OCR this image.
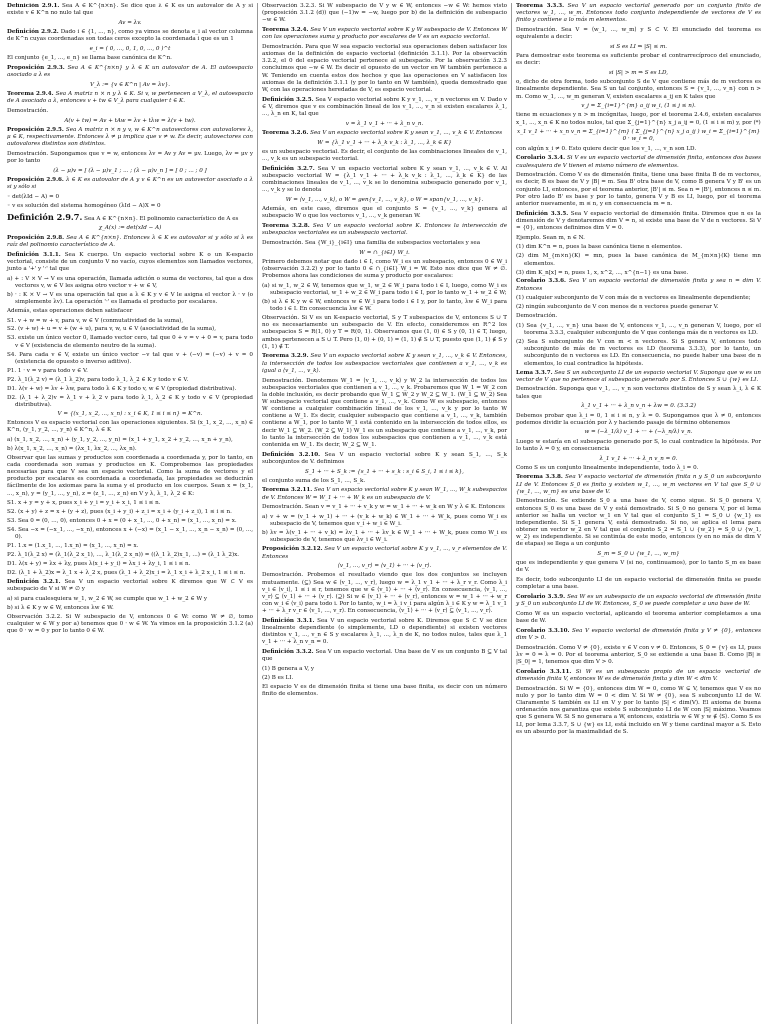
Definición 2.9.1. Sea A ∈ K^{n×n}. Se dice que λ ∈ K es un autovalor de A y si existe v ∈ K^n no nulo tal que
Av = λv.
Definición 2.9.2. Dado i ∈ {1, ..., n}, como ya vimos se denota e_i al vector columna de K^n cuyas coordenadas son todas ceros excepto la coordenada i que es un 1
e_i = ( 0, ..., 0, 1, 0, ..., 0 )^t
El conjunto {e_1, ..., e_n} se llama base canónica de K^n.
Proposición 2.9.3. Sea A ∈ K^{n×n} y λ ∈ K un autovalor de A. El autoespacio asociado a λ es
V_λ := {v ∈ K^n | Av = λv}.
Teorema 2.9.4. Sea A matriz n × n y λ ∈ K. Si v, w pertenecen a V_λ, el autoespacio de A asociado a λ, entonces v + tw ∈ V_λ para cualquier t ∈ K.
Demostración.
A(v + tw) = Av + tAw = λv + tλw = λ(v + tw).
Proposición 2.9.5. Sea A matriz n × n y v, w ∈ K^n autovectores con autovalores λ, μ ∈ K, respectivamente. Entonces λ ≠ μ implica que v ≠ w. Es decir, autovectores con autovalores distintos son distintos.
Demostración. Supongamos que v = w, entonces λv = Av y Av = μv. Luego, λv = μv y por lo tanto
(λ − μ)v = [ (λ − μ)v_1 ; ... ; (λ − μ)v_n ] = [ 0 ; ... ; 0 ]
Proposición 2.9.6. λ ∈ K es autovalor de A y v ∈ K^n es un autovector asociado a λ si y sólo si
◦ det(λId − A) = 0
◦ v es solución del sistema homogéneo (λId − A)X = 0
Definición 2.9.7. Sea A ∈ K^{n×n}. El polinomio característico de A es
χ_A(x) := det(xId − A)
Proposición 2.9.8. Sea A ∈ K^{n×n}. Entonces λ ∈ K es autovalor si y sólo si λ es raíz del polinomio característico de A.
Definición 3.1.1. Sea K cuerpo. Un espacio vectorial sobre K o un K-espacio vectorial, consiste de un conjunto V no vacío, cuyos elementos son llamados vectores, junto a '+' y '·' tal que
a) + : V × V → V es una operación, llamada adición o suma de vectores, tal que a dos vectores v, w ∈ V les asigna otro vector v + w ∈ V,
b) · : K × V → V es una operación tal que a λ ∈ K y v ∈ V le asigna el vector λ · v (o simplemente λv). La operación '·' es llamada el producto por escalares.
Además, estas operaciones deben satisfacer
S1. v + w = w + v, para v, w ∈ V (conmutatividad de la suma),
S2. (v + w) + u = v + (w + u), para v, w, u ∈ V (asociatividad de la suma),
S3. existe un único vector 0, llamado vector cero, tal que 0 + v = v + 0 = v, para todo v ∈ V (existencia de elemento neutro de la suma).
S4. Para cada v ∈ V, existe un único vector −v tal que v + (−v) = (−v) + v = 0 (existencia de opuesto o inverso aditivo).
P1. 1 · v = v para todo v ∈ V.
P2. λ_1(λ_2 v) = (λ_1 λ_2)v, para todo λ_1, λ_2 ∈ K y todo v ∈ V.
D1. λ(v + w) = λv + λw, para todo λ ∈ K y todo v, w ∈ V (propiedad distributiva).
D2. (λ_1 + λ_2)v = λ_1 v + λ_2 v para todo λ_1, λ_2 ∈ K y todo v ∈ V (propiedad distributiva).
V = {(x_1, x_2, ..., x_n) : x_i ∈ K, 1 ≤ i ≤ n} = K^n.
Entonces V es espacio vectorial con las operaciones siguientes. Si (x_1, x_2, ..., x_n) ∈ K^n, (y_1, y_2, ..., y_n) ∈ K^n, λ ∈ K
a) (x_1, x_2, ..., x_n) + (y_1, y_2, ..., y_n) = (x_1 + y_1, x_2 + y_2, ..., x_n + y_n),
b) λ(x_1, x_2, ..., x_n) = (λx_1, λx_2, ..., λx_n).
Observar que las sumas y productos son coordenada a coordenada y, por lo tanto, en cada coordenada son sumas y productos en K. Comprobemos las propiedades necesarias para que V sea un espacio vectorial. Como la suma de vectores y el producto por escalares es coordenada a coordenada, las propiedades se deducirán fácilmente de los axiomas para la suma y el producto en los cuerpos. Sean x = (x_1, ..., x_n), y = (y_1, ..., y_n), z = (z_1, ..., z_n) en V y λ, λ_1, λ_2 ∈ K:
S1. x + y = y + x, pues x_i + y_i = y_i + x_i, 1 ≤ i ≤ n.
S2. (x + y) + z = x + (y + z), pues (x_i + y_i) + z_i = x_i + (y_i + z_i), 1 ≤ i ≤ n.
S3. Sea 0 = (0, ..., 0), entonces 0 + x = (0 + x_1, ..., 0 + x_n) = (x_1, ..., x_n) = x.
S4. Sea −x = (−x_1, ..., −x_n), entonces x + (−x) = (x_1 − x_1, ..., x_n − x_n) = (0, ..., 0).
P1. 1.x = (1.x_1, ..., 1.x_n) = (x_1, ..., x_n) = x.
P2. λ_1(λ_2 x) = (λ_1(λ_2 x_1), ..., λ_1(λ_2 x_n)) = ((λ_1 λ_2)x_1, ...) = (λ_1 λ_2)x.
D1. λ(x + y) = λx + λy, pues λ(x_i + y_i) = λx_i + λy_i, 1 ≤ i ≤ n.
D2. (λ_1 + λ_2)x = λ_1 x + λ_2 x, pues (λ_1 + λ_2)x_i = λ_1 x_i + λ_2 x_i, 1 ≤ i ≤ n.
Definición 3.2.1. Sea V un espacio vectorial sobre K diremos que W ⊂ V es subespacio de V si W ≠ ∅ y
a) si para cualesquiera w_1, w_2 ∈ W, se cumple que w_1 + w_2 ∈ W y
b) si λ ∈ K y w ∈ W, entonces λw ∈ W.
Observación 3.2.2. Si W subespacio de V, entonces 0 ∈ W: como W ≠ ∅, tomo cualquier w ∈ W y por a) tenemos que 0 · w ∈ W. Ya vimos en la proposición 3.1.2 (a) que 0 · w = 0 y por lo tanto 0 ∈ W.
Observación 3.2.3. Si W subespacio de V y w ∈ W, entonces −w ∈ W: hemos visto (proposición 3.1.2 (d)) que (−1)w = −w, luego por b) de la definición de subespacio −w ∈ W.
Teorema 3.2.4. Sea V un espacio vectorial sobre K y W subespacio de V. Entonces W con las operaciones suma y producto por escalares de V es un espacio vectorial.
Demostración. Para que W sea espacio vectorial sus operaciones deben satisfacer los axiomas de la definición de espacio vectorial (definición 3.1.1). Por la observación 3.2.2, el 0 del espacio vectorial pertenece al subespacio. Por la observación 3.2.3 concluimos que −w ∈ W. Es decir el opuesto de un vector en W también pertenece a W. Teniendo en cuenta estos dos hechos y que las operaciones en V satisfacen los axiomas de la definición 3.1.1 (y por lo tanto en W también), queda demostrado que W, con las operaciones heredadas de V, es espacio vectorial.
Definición 3.2.5. Sea V espacio vectorial sobre K y v_1, ..., v_n vectores en V. Dado v ∈ V, diremos que v es combinación lineal de los v_1, ..., v_n si existen escalares λ_1, ..., λ_n en K, tal que
v = λ_1 v_1 + ··· + λ_n v_n.
Teorema 3.2.6. Sea V un espacio vectorial sobre K y sean v_1, ..., v_k ∈ V. Entonces
W = {λ_1 v_1 + ··· + λ_k v_k : λ_1, ..., λ_k ∈ K}
es un subespacio vectorial. Es decir, el conjunto de las combinaciones lineales de v_1, ..., v_k es un subespacio vectorial.
Definición 3.2.7. Sea V un espacio vectorial sobre K y sean v_1, ..., v_k ∈ V. Al subespacio vectorial W = {λ_1 v_1 + ··· + λ_k v_k : λ_1, ..., λ_k ∈ K} de las combinaciones lineales de v_1, ..., v_k se lo denomina subespacio generado por v_1, ..., v_k y se lo denota
W = ⟨v_1, ..., v_k⟩, o W = gen{v_1, ..., v_k}, o W = span{v_1, ..., v_k}.
Además, en este caso, diremos que el conjunto S = {v_1, ..., v_k} genera al subespacio W o que los vectores v_1, ..., v_k generan W.
Teorema 3.2.8. Sea V un espacio vectorial sobre K. Entonces la intersección de subespacios vectoriales es un subespacio vectorial.
Demostración. Sea {W_i}_{i∈I} una familia de subespacios vectoriales y sea
W = ∩_{i∈I} W_i.
Primero debemos notar que dado i ∈ I, como W_i es un subespacio, entonces 0 ∈ W_i (observación 3.2.2) y por lo tanto 0 ∈ ∩_{i∈I} W_i = W. Esto nos dice que W ≠ ∅. Probemos ahora las condiciones de suma y producto por escalares:
(a) si w_1, w_2 ∈ W, tenemos que w_1, w_2 ∈ W_i para todo i ∈ I, luego, como W_i es subespacio vectorial, w_1 + w_2 ∈ W_i para todo i ∈ I, por lo tanto w_1 + w_2 ∈ W;
(b) si λ ∈ K y w ∈ W, entonces w ∈ W_i para todo i ∈ I y, por lo tanto, λw ∈ W_i para todo i ∈ I. En consecuencia λw ∈ W.
Observación. Si V es un K-espacio vectorial, S y T subespacios de V, entonces S ∪ T no es necesariamente un subespacio de V. En efecto, consideremos en R^2 los subespacios S = R(1, 0) y T = R(0, 1). Observamos que (1, 0) ∈ S y (0, 1) ∈ T, luego, ambos pertenecen a S ∪ T. Pero (1, 0) + (0, 1) = (1, 1) ∉ S ∪ T, puesto que (1, 1) ∉ S y (1, 1) ∉ T.
Teorema 3.2.9. Sea V un espacio vectorial sobre K y sean v_1, ..., v_k ∈ V. Entonces, la intersección de todos los subespacios vectoriales que contienen a v_1, ..., v_k es igual a ⟨v_1, ..., v_k⟩.
Demostración. Denotemos W_1 = ⟨v_1, ..., v_k⟩ y W_2 la intersección de todos los subespacios vectoriales que contienen a v_1, ..., v_k. Probaremos que W_1 = W_2 con la doble inclusión, es decir probando que W_1 ⊆ W_2 y W_2 ⊆ W_1. (W_1 ⊆ W_2) Sea W subespacio vectorial que contiene a v_1, ..., v_k. Como W es subespacio, entonces W contiene a cualquier combinación lineal de los v_1, ..., v_k y por lo tanto W contiene a W_1. Es decir, cualquier subespacio que contiene a v_1, ..., v_k, también contiene a W_1, por lo tanto W_1 está contenido en la intersección de todos ellos, es decir W_1 ⊆ W_2. (W_2 ⊆ W_1) W_1 es un subespacio que contiene a v_1, ..., v_k, por lo tanto la intersección de todos los subespacios que contienen a v_1, ..., v_k está contenida en W_1. Es decir, W_2 ⊆ W_1.
Definición 3.2.10. Sea V un espacio vectorial sobre K y sean S_1, ..., S_k subconjuntos de V. definimos
S_1 + ··· + S_k := {s_1 + ··· + s_k : s_i ∈ S_i, 1 ≤ i ≤ k},
el conjunto suma de los S_1, ..., S_k.
Teorema 3.2.11. Sea V un espacio vectorial sobre K y sean W_1, ..., W_k subespacios de V. Entonces W = W_1 + ··· + W_k es un subespacio de V.
Demostración. Sean v = v_1 + ··· + v_k y w = w_1 + ··· + w_k en W y λ ∈ K. Entonces
a) v + w = (v_1 + w_1) + ··· + (v_k + w_k) ∈ W_1 + ··· + W_k, pues como W_i es subespacio de V, tenemos que v_i + w_i ∈ W_i.
b) λv = λ(v_1 + ··· + v_k) = λv_1 + ··· + λv_k ∈ W_1 + ··· + W_k, pues como W_i es subespacio de V, tenemos que λv_i ∈ W_i.
Proposición 3.2.12. Sea V un espacio vectorial sobre K y v_1, ..., v_r elementos de V. Entonces
⟨v_1, ..., v_r⟩ = ⟨v_1⟩ + ··· + ⟨v_r⟩.
Demostración. Probemos el resultado viendo que los dos conjuntos se incluyen mutuamente. (⊆) Sea w ∈ ⟨v_1, ..., v_r⟩, luego w = λ_1 v_1 + ··· + λ_r v_r. Como λ_i v_i ∈ ⟨v_i⟩, 1 ≤ i ≤ r, tenemos que w ∈ ⟨v_1⟩ + ··· + ⟨v_r⟩. En consecuencia, ⟨v_1, ..., v_r⟩ ⊆ ⟨v_1⟩ + ··· + ⟨v_r⟩. (⊇) Si w ∈ ⟨v_1⟩ + ··· + ⟨v_r⟩, entonces w = w_1 + ··· + w_r con w_i ∈ ⟨v_i⟩ para todo i. Por lo tanto, w_i = λ_i v_i para algún λ_i ∈ K y w = λ_1 v_1 + ··· + λ_r v_r ∈ ⟨v_1, ..., v_r⟩. En consecuencia, ⟨v_1⟩ + ··· + ⟨v_r⟩ ⊆ ⟨v_1, ..., v_r⟩.
Definición 3.3.1. Sea V un espacio vectorial sobre K. Diremos que S ⊂ V se dice linealmente dependiente (o simplemente, LD o dependiente) si existen vectores distintos v_1, ..., v_n ∈ S y escalares λ_1, ..., λ_n de K, no todos nulos, tales que λ_1 v_1 + ··· + λ_n v_n = 0.
Definición 3.3.2. Sea V un espacio vectorial. Una base de V es un conjunto B ⊆ V tal que
(1) B genera a V, y
(2) B es LI.
El espacio V es de dimensión finita si tiene una base finita, es decir con un número finito de elementos.
Teorema 3.3.3. Sea V un espacio vectorial generado por un conjunto finito de vectores w_1, ..., w_m. Entonces todo conjunto independiente de vectores de V es finito y contiene a lo más m elementos.
Demostración. Sea V = ⟨w_1, ..., w_m⟩ y S ⊂ V. El enunciado del teorema es equivalente a decir:
si S es LI ⇒ |S| ≤ m.
Para demostrar este teorema es suficiente probar el contrarrecíproco del enunciado, es decir:
si |S| > m ⇒ S es LD,
o, dicho de otra forma, todo subconjunto S de V que contiene más de m vectores es linealmente dependiente. Sea S un tal conjunto, entonces S = {v_1, ..., v_n} con n > m. Como w_1, ..., w_m generan V, existen escalares a_ij en K tales que
v_j = Σ_{i=1}^{m} a_ij w_i, (1 ≤ j ≤ n).
tiene m ecuaciones y n > m incógnitas, luego, por el teorema 2.4.6, existen escalares x_1, ..., x_n ∈ K no todos nulos, tal que Σ_{j=1}^{n} x_j a_ij = 0, (1 ≤ i ≤ m) y, por (*)
x_1 v_1 + ··· + x_n v_n = Σ_{i=1}^{m} ( Σ_{j=1}^{n} x_j a_ij ) w_i = Σ_{i=1}^{m} 0 · w_i = 0,
con algún x_i ≠ 0. Esto quiere decir que los v_1, ..., v_n son LD.
Corolario 3.3.4. Si V es un espacio vectorial de dimensión finita, entonces dos bases cualesquiera de V tienen el mismo número de elementos.
Demostración. Como V es de dimensión finita, tiene una base finita B de m vectores, es decir, B es base de V y |B| = m. Sea B' otra base de V, como B genera V y B' es un conjunto LI, entonces, por el teorema anterior, |B'| ≤ m. Sea n = |B'|, entonces n ≤ m. Por otro lado B' es base y por lo tanto, genera V y B es LI, luego, por el teorema anterior nuevamente, m ≤ n, y en consecuencia m = n.
Definición 3.3.5. Sea V espacio vectorial de dimensión finita. Diremos que n es la dimensión de V y denotaremos dim V = n, si existe una base de V de n vectores. Si V = {0}, entonces definimos dim V = 0.
Ejemplo. Sean m, n ∈ N.
(1) dim K^n = n, pues la base canónica tiene n elementos.
(2) dim M_{m×n}(K) = mn, pues la base canónica de M_{m×n}(K) tiene mn elementos.
(3) dim K_n[x] = n, pues 1, x, x^2, ..., x^{n−1} es una base.
Corolario 3.3.6. Sea V un espacio vectorial de dimensión finita y sea n = dim V. Entonces
(1) cualquier subconjunto de V con más de n vectores es linealmente dependiente;
(2) ningún subconjunto de V con menos de n vectores puede generar V.
Demostración.
(1) Sea {v_1, ..., v_n} una base de V, entonces v_1, ..., v_n generan V, luego, por el teorema 3.3.3, cualquier subconjunto de V que contenga más de n vectores es LD.
(2) Sea S subconjunto de V con m < n vectores. Si S genera V, entonces todo subconjunto de más de m vectores es LD (teorema 3.3.3), por lo tanto, un subconjunto de n vectores es LD. En consecuencia, no puede haber una base de n elementos, lo cual contradice la hipótesis.
Lema 3.3.7. Sea S un subconjunto LI de un espacio vectorial V. Suponga que w es un vector de V que no pertenece al subespacio generado por S. Entonces S ∪ {w} es LI.
Demostración. Suponga que v_1, ..., v_n son vectores distintos de S y sean λ_i, λ ∈ K tales que
λ_1 v_1 + ··· + λ_n v_n + λw = 0. (3.3.2)
Debemos probar que λ_i = 0, 1 ≤ i ≤ n, y λ = 0. Supongamos que λ ≠ 0, entonces podemos dividir la ecuación por λ y haciendo pasaje de término obtenemos
w = (−λ_1/λ) v_1 + ··· + (−λ_n/λ) v_n.
Luego w estaría en el subespacio generado por S, lo cual contradice la hipótesis. Por lo tanto λ = 0 y, en consecuencia
λ_1 v_1 + ··· + λ_n v_n = 0.
Como S es un conjunto linealmente independiente, todo λ_i = 0.
Teorema 3.3.8. Sea V espacio vectorial de dimensión finita n y S_0 un subconjunto LI de V. Entonces S_0 es finito y existen w_1, ..., w_m vectores en V tal que S_0 ∪ {w_1, ..., w_m} es una base de V.
Demostración. Se extiende S_0 a una base de V, como sigue. Si S_0 genera V, entonces S_0 es una base de V y está demostrado. Si S_0 no genera V, por el lema anterior se halla un vector w_1 en V tal que el conjunto S_1 = S_0 ∪ {w_1} es independiente. Si S_1 genera V, está demostrado. Si no, se aplica el lema para obtener un vector w_2 en V tal que el conjunto S_2 = S_1 ∪ {w_2} = S_0 ∪ {w_1, w_2} es independiente. Si se continúa de este modo, entonces (y en no más de dim V de etapas) se llega a un conjunto
S_m = S_0 ∪ {w_1, ..., w_m}
que es independiente y que genera V (si no, continuamos), por lo tanto S_m es base de V.
Es decir, todo subconjunto LI de un espacio vectorial de dimensión finita se puede completar a una base.
Corolario 3.3.9. Sea W es un subespacio de un espacio vectorial de dimensión finita y S_0 un subconjunto LI de W. Entonces, S_0 se puede completar a una base de W.
Como W es un espacio vectorial, aplicando el teorema anterior completamos a una base de W.
Corolario 3.3.10. Sea V espacio vectorial de dimensión finita y V ≠ {0}, entonces dim V > 0.
Demostración. Como V ≠ {0}, existe v ∈ V con v ≠ 0. Entonces, S_0 = {v} es LI, pues λv = 0 ⇒ λ = 0. Por el teorema anterior, S_0 se extiende a una base B. Como |B| ≥ |S_0| = 1, tenemos que dim V > 0.
Corolario 3.3.11. Si W es un subespacio propio de un espacio vectorial de dimensión finita V, entonces W es de dimensión finita y dim W < dim V.
Demostración. Si W = {0}, entonces dim W = 0, como W ⊊ V, tenemos que V es no nulo y por lo tanto dim W = 0 < dim V. Si W ≠ {0}, sea S subconjunto LI de W. Claramente S también es LI en V y por lo tanto |S| < dim(V). El axioma de buena ordenación nos garantiza que existe S subconjunto LI de W con |S| máximo. Veamos que S genera W. Si S no generara a W, entonces, existiría w ∈ W y w ∉ ⟨S⟩. Como S es LI, por lema 3.3.7, S ∪ {w} es LI, está incluido en W y tiene cardinal mayor a S. Esto es un absurdo por la maximalidad de S.
